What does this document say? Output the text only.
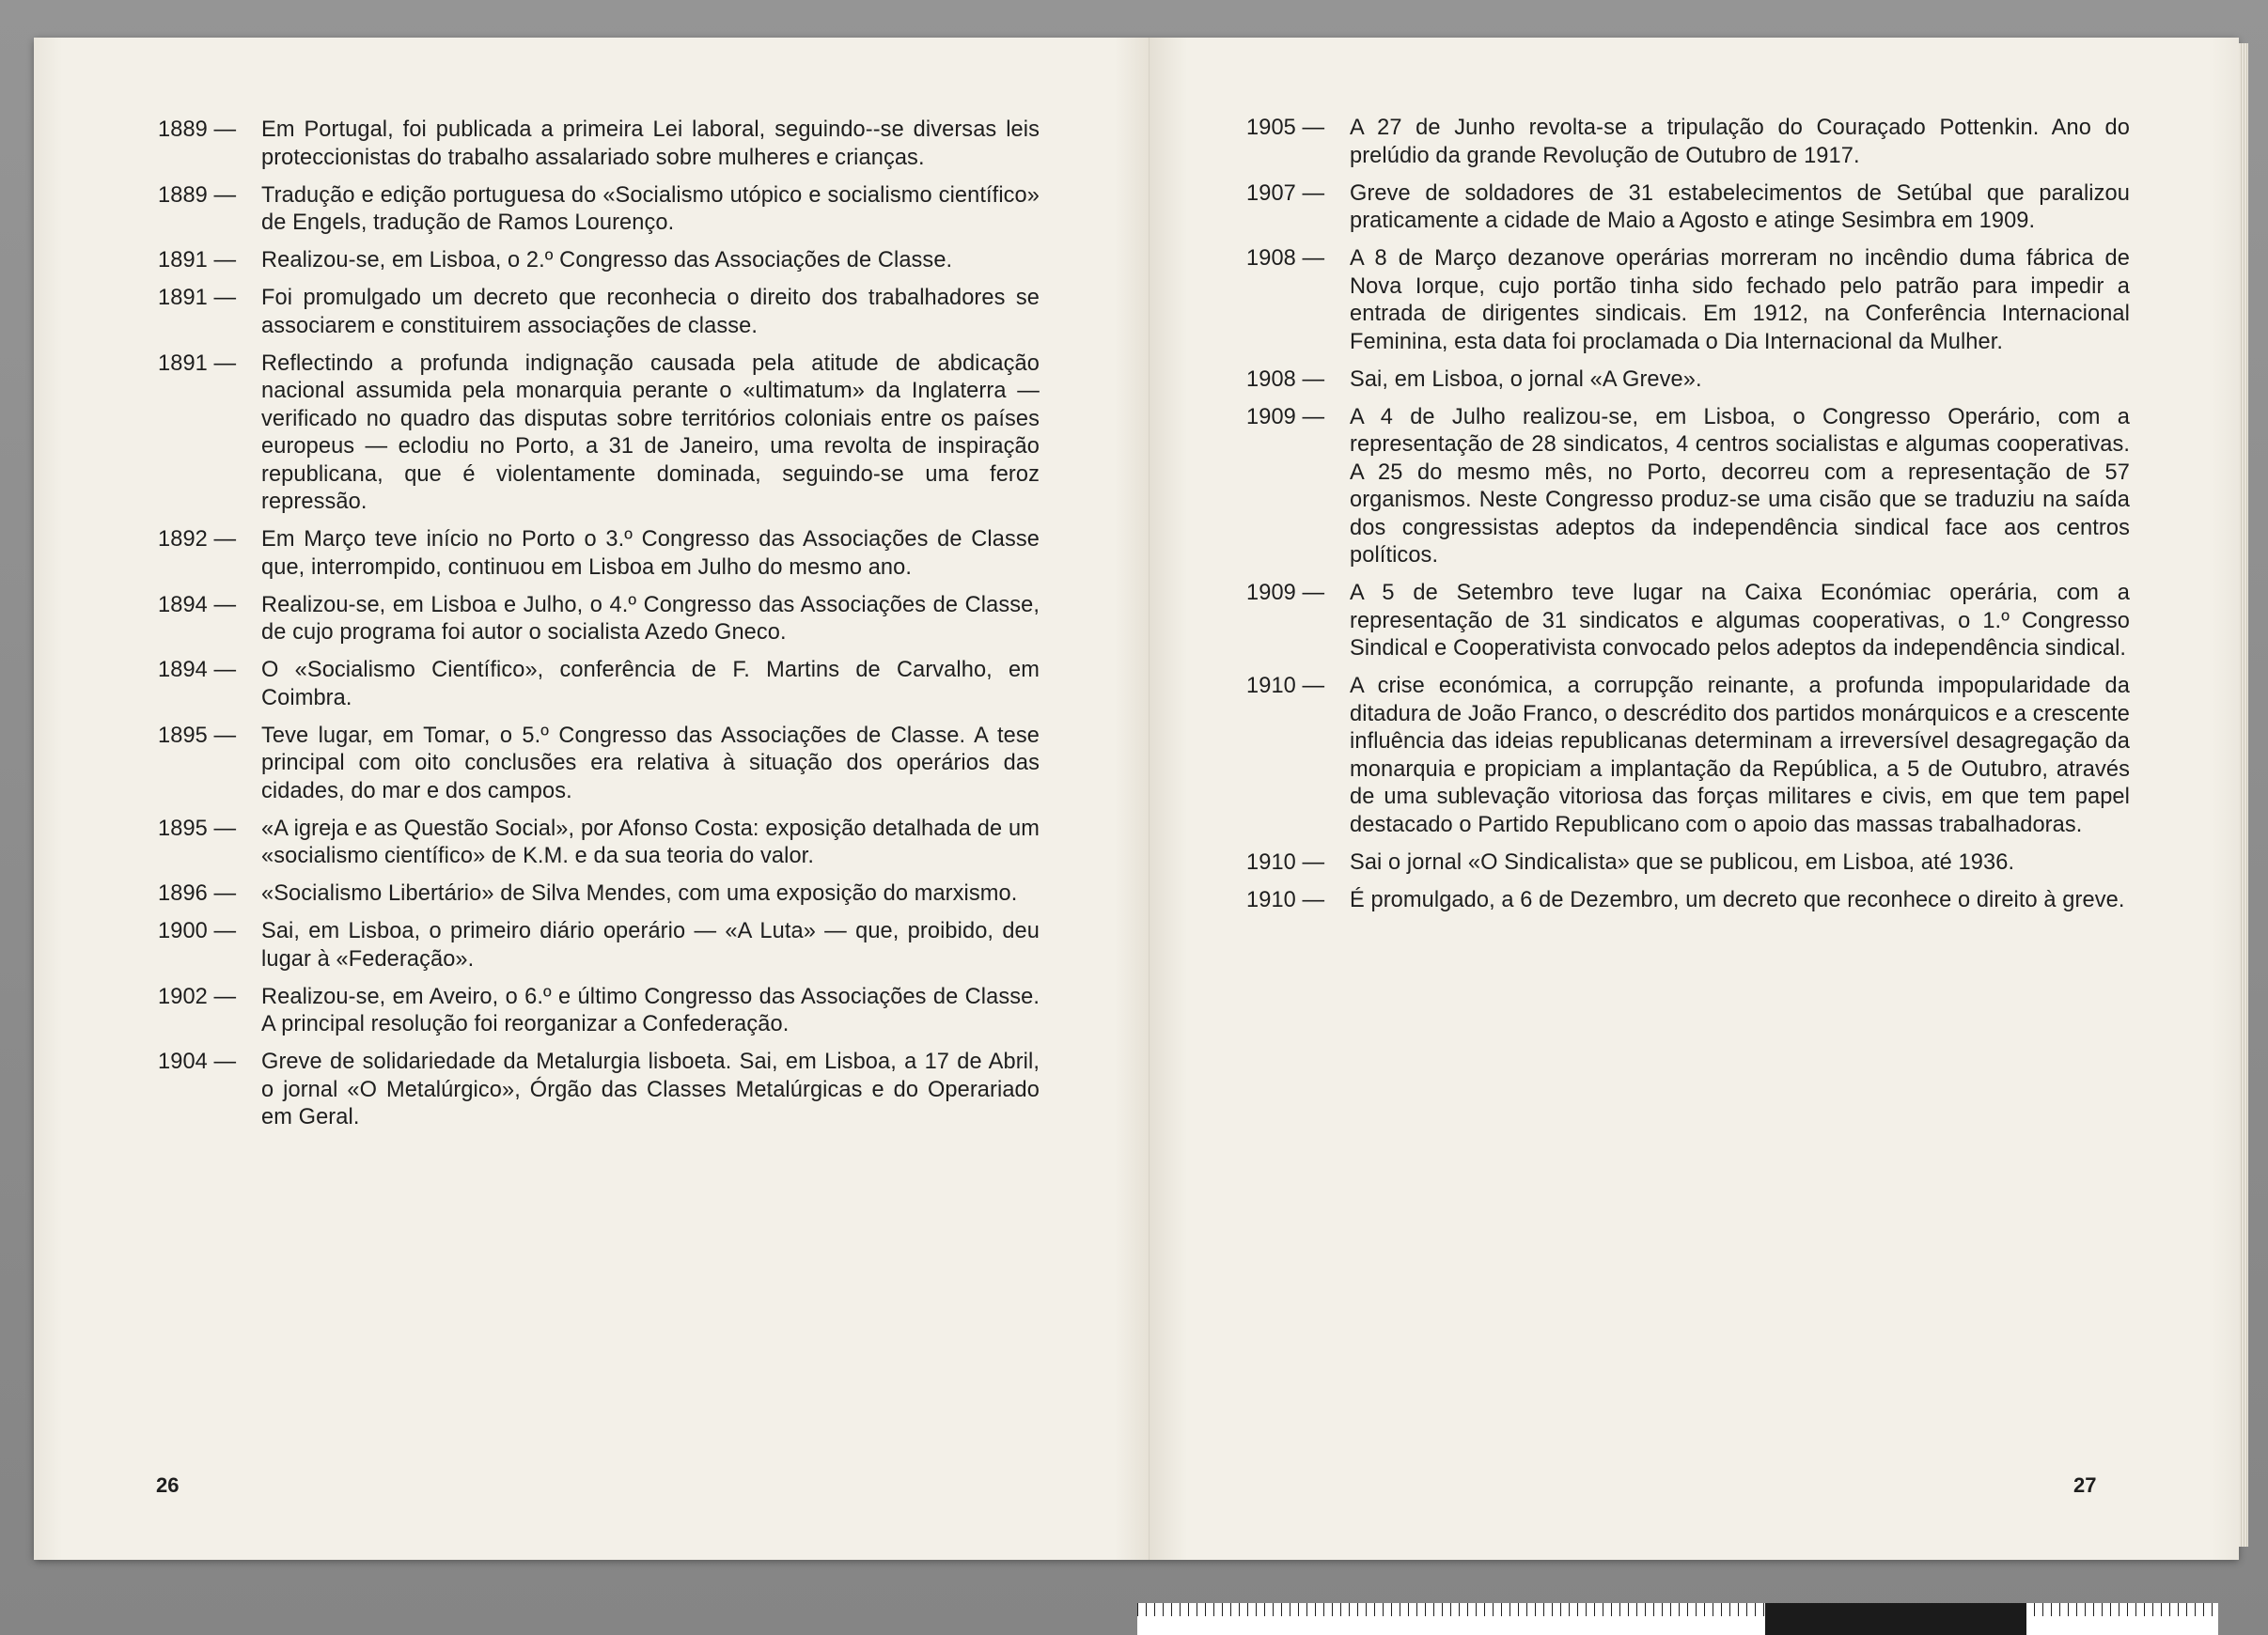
1889 —	Em Portugal, foi publicada a primeira Lei laboral, seguindo--se diversas leis proteccionistas do trabalho assalariado sobre mulheres e crianças.
1889 —	Tradução e edição portuguesa do «Socialismo utópico e socialismo científico» de Engels, tradução de Ramos Lourenço.
1891 —	Realizou-se, em Lisboa, o 2.º Congresso das Associações de Classe.
1891 —	Foi promulgado um decreto que reconhecia o direito dos trabalhadores se associarem e constituirem associações de classe.
1891 —	Reflectindo a profunda indignação causada pela atitude de abdicação nacional assumida pela monarquia perante o «ultimatum» da Inglaterra — verificado no quadro das disputas sobre territórios coloniais entre os países europeus — eclodiu no Porto, a 31 de Janeiro, uma revolta de inspiração republicana, que é violentamente dominada, seguindo-se uma feroz repressão.
1892 —	Em Março teve início no Porto o 3.º Congresso das Associações de Classe que, interrompido, continuou em Lisboa em Julho do mesmo ano.
1894 —	Realizou-se, em Lisboa e Julho, o 4.º Congresso das Associações de Classe, de cujo programa foi autor o socialista Azedo Gneco.
1894 —	O «Socialismo Científico», conferência de F. Martins de Carvalho, em Coimbra.
1895 —	Teve lugar, em Tomar, o 5.º Congresso das Associações de Classe. A tese principal com oito conclusões era relativa à situação dos operários das cidades, do mar e dos campos.
1895 —	«A igreja e as Questão Social», por Afonso Costa: exposição detalhada de um «socialismo científico» de K.M. e da sua teoria do valor.
1896 —	«Socialismo Libertário» de Silva Mendes, com uma exposição do marxismo.
1900 —	Sai, em Lisboa, o primeiro diário operário — «A Luta» — que, proibido, deu lugar à «Federação».
1902 —	Realizou-se, em Aveiro, o 6.º e último Congresso das Associações de Classe. A principal resolução foi reorganizar a Confederação.
1904 —	Greve de solidariedade da Metalurgia lisboeta. Sai, em Lisboa, a 17 de Abril, o jornal «O Metalúrgico», Órgão das Classes Metalúrgicas e do Operariado em Geral.
1905 —	A 27 de Junho revolta-se a tripulação do Couraçado Pottenkin. Ano do prelúdio da grande Revolução de Outubro de 1917.
1907 —	Greve de soldadores de 31 estabelecimentos de Setúbal que paralizou praticamente a cidade de Maio a Agosto e atinge Sesimbra em 1909.
1908 —	A 8 de Março dezanove operárias morreram no incêndio duma fábrica de Nova Iorque, cujo portão tinha sido fechado pelo patrão para impedir a entrada de dirigentes sindicais. Em 1912, na Conferência Internacional Feminina, esta data foi proclamada o Dia Internacional da Mulher.
1908 —	Sai, em Lisboa, o jornal «A Greve».
1909 —	A 4 de Julho realizou-se, em Lisboa, o Congresso Operário, com a representação de 28 sindicatos, 4 centros socialistas e algumas cooperativas. A 25 do mesmo mês, no Porto, decorreu com a representação de 57 organismos. Neste Congresso produz-se uma cisão que se traduziu na saída dos congressistas adeptos da independência sindical face aos centros políticos.
1909 —	A 5 de Setembro teve lugar na Caixa Económiac operária, com a representação de 31 sindicatos e algumas cooperativas, o 1.º Congresso Sindical e Cooperativista convocado pelos adeptos da independência sindical.
1910 —	A crise económica, a corrupção reinante, a profunda impopularidade da ditadura de João Franco, o descrédito dos partidos monárquicos e a crescente influência das ideias republicanas determinam a irreversível desagregação da monarquia e propiciam a implantação da República, a 5 de Outubro, através de uma sublevação vitoriosa das forças militares e civis, em que tem papel destacado o Partido Republicano com o apoio das massas trabalhadoras.
1910 —	Sai o jornal «O Sindicalista» que se publicou, em Lisboa, até 1936.
1910 —	É promulgado, a 6 de Dezembro, um decreto que reconhece o direito à greve.
26	27
